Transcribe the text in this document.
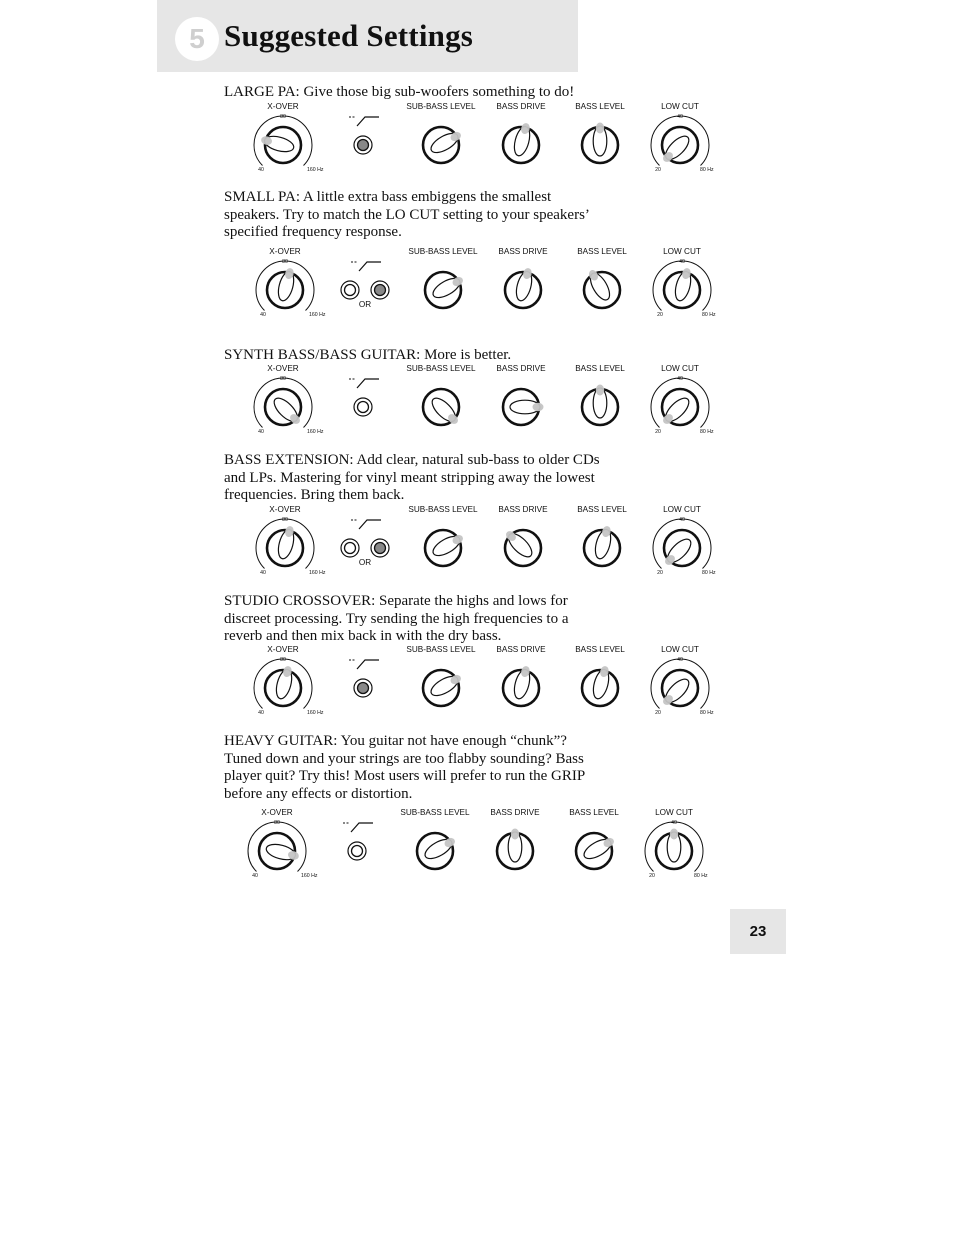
5 Suggested Settings

LARGE PA: Give those big sub-woofers something to do!

X-OVER	SUB-BASS LEVEL	BASS DRIVE	BASS LEVEL	LOW CUT
80
40	160 Hz
40
20	80 Hz

SMALL PA: A little extra bass embiggens the smallest speakers. Try to match the LO CUT setting to your speakers’ specified frequency response.

X-OVER	SUB-BASS LEVEL	BASS DRIVE	BASS LEVEL	LOW CUT
80
40	160 Hz
40
20	80 Hz
OR

SYNTH BASS/BASS GUITAR: More is better.

X-OVER	SUB-BASS LEVEL	BASS DRIVE	BASS LEVEL	LOW CUT
80
40	160 Hz
40
20	80 Hz

BASS EXTENSION: Add clear, natural sub-bass to older CDs and LPs. Mastering for vinyl meant stripping away the lowest frequencies. Bring them back.

X-OVER	SUB-BASS LEVEL	BASS DRIVE	BASS LEVEL	LOW CUT
80
40	160 Hz
40
20	80 Hz
OR

STUDIO CROSSOVER: Separate the highs and lows for discreet processing. Try sending the high frequencies to a reverb and then mix back in with the dry bass.

X-OVER	SUB-BASS LEVEL	BASS DRIVE	BASS LEVEL	LOW CUT
80
40	160 Hz
40
20	80 Hz

HEAVY GUITAR: You guitar not have enough “chunk”? Tuned down and your strings are too flabby sounding? Bass player quit? Try this! Most users will prefer to run the GRIP before any effects or distortion.

X-OVER	SUB-BASS LEVEL	BASS DRIVE	BASS LEVEL	LOW CUT
80
40	160 Hz
40
20	80 Hz
23
